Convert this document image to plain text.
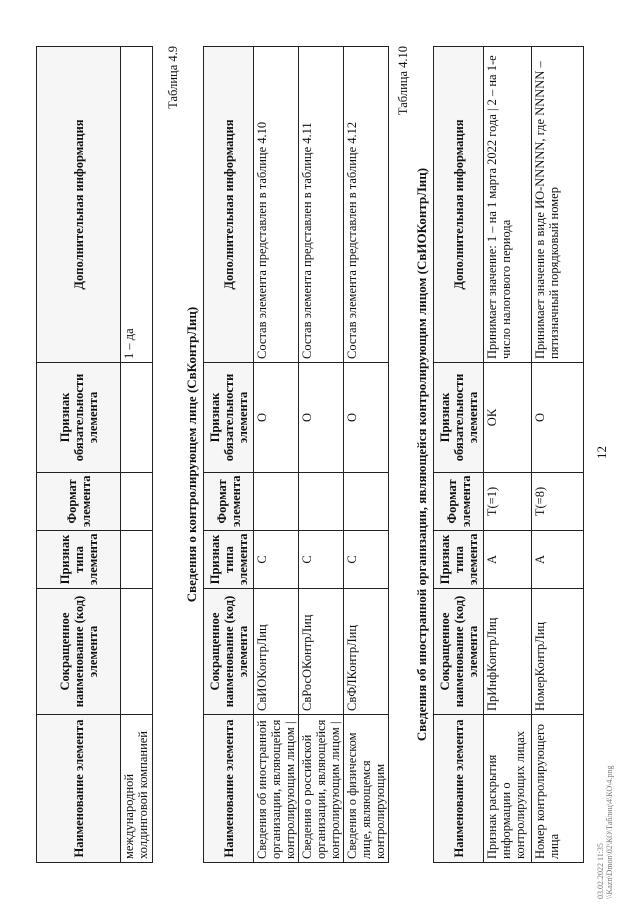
Наименование элемента	Сокращенное наименование (код) элемента	Признак типа элемента	Формат элемента	Признак обязательности элемента	Дополнительная информация
международной холдинговой компанией					1 – да
Таблица 4.9
Сведения о контролирующем лице (СвКонтрЛиц)
Наименование элемента	Сокращенное наименование (код) элемента	Признак типа элемента	Формат элемента	Признак обязательности элемента	Дополнительная информация
Сведения об иностранной организации, являющейся контролирующим лицом |	СвИОКонтрЛиц	С		О	Состав элемента представлен в таблице 4.10
Сведения о российской организации, являющейся контролирующим лицом |	СвРосОКонтрЛиц	С		О	Состав элемента представлен в таблице 4.11
Сведения о физическом лице, являющемся контролирующим	СвФЛКонтрЛиц	С		О	Состав элемента представлен в таблице 4.12
Таблица 4.10
Сведения об иностранной организации, являющейся контролирующим лицом (СвИОКонтрЛиц)
Наименование элемента	Сокращенное наименование (код) элемента	Признак типа элемента	Формат элемента	Признак обязательности элемента	Дополнительная информация
Признак раскрытия информации о контролирующих лицах	ПрИнфКонтрЛиц	А	T(=1)	ОК	Принимает значение: 1 – на 1 марта 2022 года | 2 – на 1-е число налогового периода
Номер контролирующего лица	НомерКонтрЛиц	А	T(=8)	О	Принимает значение в виде ИО-NNNNN, где NNNNN – пятизначный порядковый номер
12
03.02.2022 11:35 \\Kazn\Dmon\02\КО\Таблиц\4\КО\4.png
